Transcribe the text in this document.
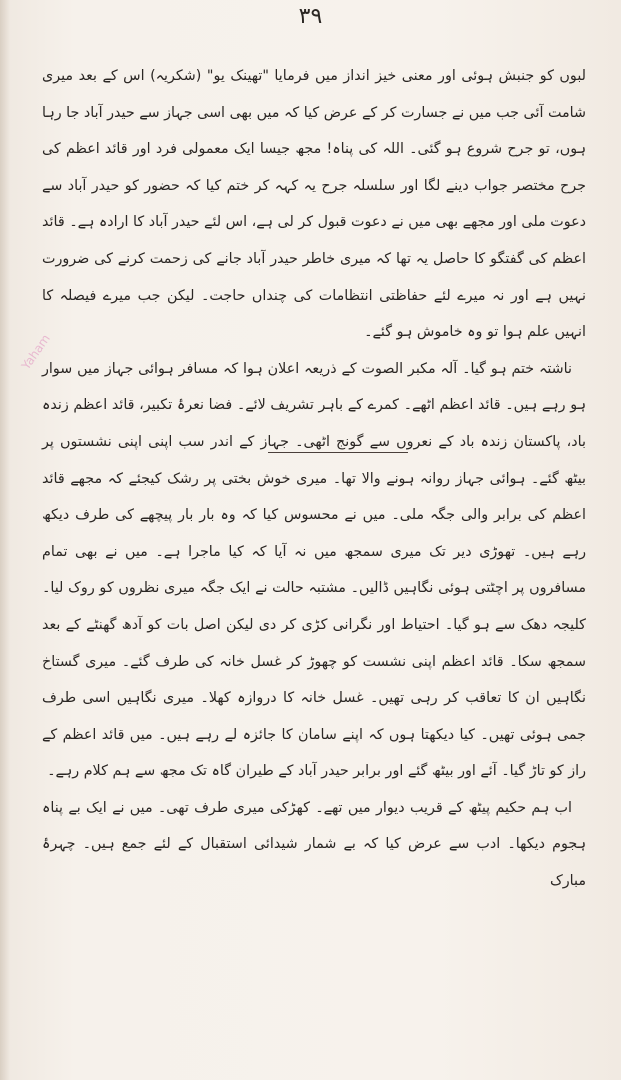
۳۹
Yaham

لبوں کو جنبش ہوئی اور معنی خیز انداز میں فرمایا "تھینک یو" (شکریہ) اس کے بعد میری شامت آئی جب میں نے جسارت کر کے عرض کیا کہ میں بھی اسی جہاز سے حیدر آباد جا رہا ہوں، تو جرح شروع ہو گئی۔ اللہ کی پناہ! مجھ جیسا ایک معمولی فرد اور قائد اعظم کی جرح مختصر جواب دینے لگا اور سلسلہ جرح یہ کہہ کر ختم کیا کہ حضور کو حیدر آباد سے دعوت ملی اور مجھے بھی میں نے دعوت قبول کر لی ہے، اس لئے حیدر آباد کا ارادہ ہے۔ قائد اعظم کی گفتگو کا حاصل یہ تھا کہ میری خاطر حیدر آباد جانے کی زحمت کرنے کی ضرورت نہیں ہے اور نہ میرے لئے حفاظتی انتظامات کی چنداں حاجت۔ لیکن جب میرے فیصلہ کا انہیں علم ہوا تو وہ خاموش ہو گئے۔

ناشتہ ختم ہو گیا۔ آلہ مکبر الصوت کے ذریعہ اعلان ہوا کہ مسافر ہوائی جہاز میں سوار ہو رہے ہیں۔ قائد اعظم اٹھے۔ کمرے کے باہر تشریف لائے۔ فضا نعرۂ تکبیر، قائد اعظم زندہ باد، پاکستان زندہ باد کے نعروں سے گونج اٹھی۔ جہاز کے اندر سب اپنی اپنی نشستوں پر بیٹھ گئے۔ ہوائی جہاز روانہ ہونے والا تھا۔ میری خوش بختی پر رشک کیجئے کہ مجھے قائد اعظم کی برابر والی جگہ ملی۔ میں نے محسوس کیا کہ وہ بار بار پیچھے کی طرف دیکھ رہے ہیں۔ تھوڑی دیر تک میری سمجھ میں نہ آیا کہ کیا ماجرا ہے۔ میں نے بھی تمام مسافروں پر اچٹتی ہوئی نگاہیں ڈالیں۔ مشتبہ حالت نے ایک جگہ میری نظروں کو روک لیا۔ کلیجہ دھک سے ہو گیا۔ احتیاط اور نگرانی کڑی کر دی لیکن اصل بات کو آدھ گھنٹے کے بعد سمجھ سکا۔ قائد اعظم اپنی نشست کو چھوڑ کر غسل خانہ کی طرف گئے۔ میری گستاخ نگاہیں ان کا تعاقب کر رہی تھیں۔ غسل خانہ کا دروازہ کھلا۔ میری نگاہیں اسی طرف جمی ہوئی تھیں۔ کیا دیکھتا ہوں کہ اپنے سامان کا جائزہ لے رہے ہیں۔ میں قائد اعظم کے راز کو تاڑ گیا۔ آئے اور بیٹھ گئے اور برابر حیدر آباد کے طیران گاہ تک مجھ سے ہم کلام رہے۔

اب ہم حکیم پیٹھ کے قریب دیوار میں تھے۔ کھڑکی میری طرف تھی۔ میں نے ایک بے پناہ ہجوم دیکھا۔ ادب سے عرض کیا کہ بے شمار شیدائی استقبال کے لئے جمع ہیں۔ چہرۂ مبارک
